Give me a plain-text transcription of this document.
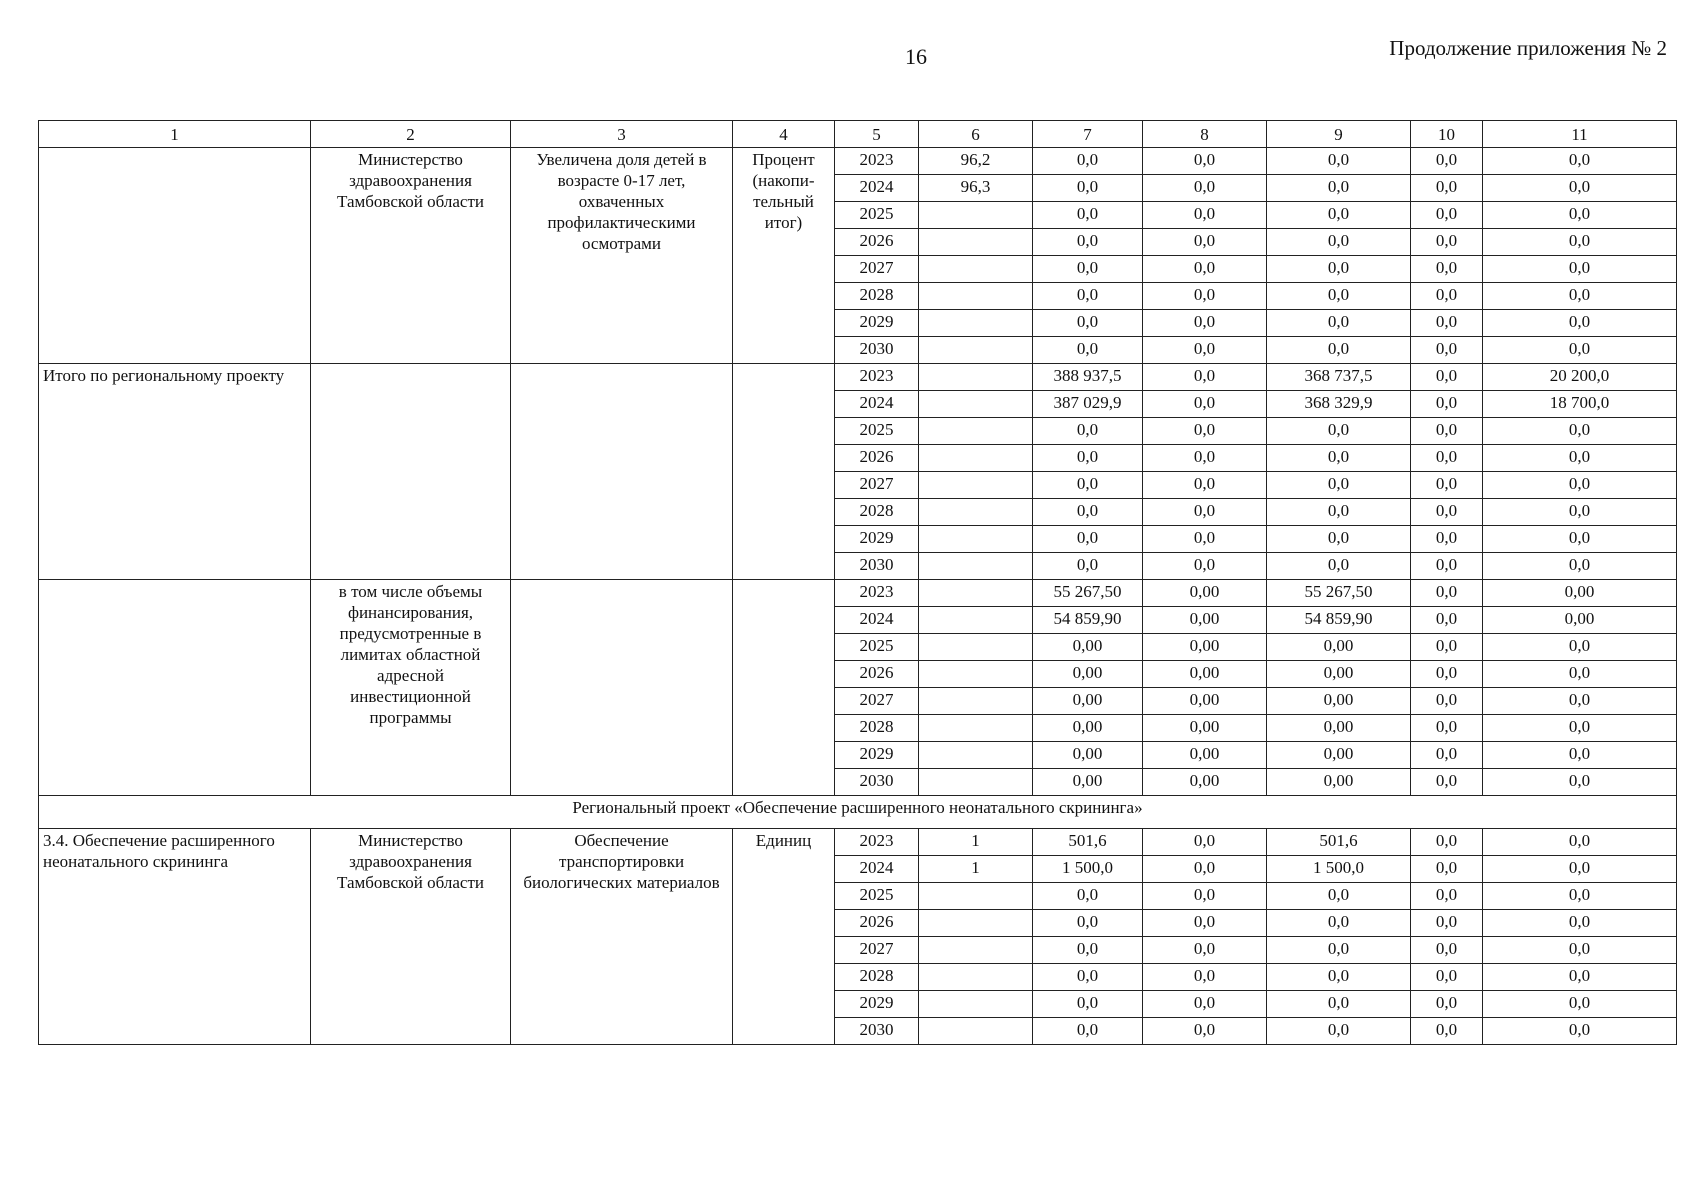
16	Продолжение приложения № 2
1	2	3	4	5	6	7	8	9	10	11
	Министерство здравоохранения Тамбовской области	Увеличена доля детей в возрасте 0-17 лет, охваченных профилактическими осмотрами	Процент (накопи-тельный итог)	2023	96,2	0,0	0,0	0,0	0,0	0,0
				2024	96,3	0,0	0,0	0,0	0,0	0,0
				2025		0,0	0,0	0,0	0,0	0,0
				2026		0,0	0,0	0,0	0,0	0,0
				2027		0,0	0,0	0,0	0,0	0,0
				2028		0,0	0,0	0,0	0,0	0,0
				2029		0,0	0,0	0,0	0,0	0,0
				2030		0,0	0,0	0,0	0,0	0,0
Итого по региональному проекту				2023		388 937,5	0,0	368 737,5	0,0	20 200,0
				2024		387 029,9	0,0	368 329,9	0,0	18 700,0
				2025		0,0	0,0	0,0	0,0	0,0
				2026		0,0	0,0	0,0	0,0	0,0
				2027		0,0	0,0	0,0	0,0	0,0
				2028		0,0	0,0	0,0	0,0	0,0
				2029		0,0	0,0	0,0	0,0	0,0
				2030		0,0	0,0	0,0	0,0	0,0
	в том числе объемы финансирования, предусмотренные в лимитах областной адресной инвестиционной программы			2023		55 267,50	0,00	55 267,50	0,0	0,00
				2024		54 859,90	0,00	54 859,90	0,0	0,00
				2025		0,00	0,00	0,00	0,0	0,0
				2026		0,00	0,00	0,00	0,0	0,0
				2027		0,00	0,00	0,00	0,0	0,0
				2028		0,00	0,00	0,00	0,0	0,0
				2029		0,00	0,00	0,00	0,0	0,0
				2030		0,00	0,00	0,00	0,0	0,0
Региональный проект «Обеспечение расширенного неонатального скрининга»										
3.4. Обеспечение расширенного неонатального скрининга	Министерство здравоохранения Тамбовской области	Обеспечение транспортировки биологических материалов	Единиц	2023	1	501,6	0,0	501,6	0,0	0,0
				2024	1	1 500,0	0,0	1 500,0	0,0	0,0
				2025		0,0	0,0	0,0	0,0	0,0
				2026		0,0	0,0	0,0	0,0	0,0
				2027		0,0	0,0	0,0	0,0	0,0
				2028		0,0	0,0	0,0	0,0	0,0
				2029		0,0	0,0	0,0	0,0	0,0
				2030		0,0	0,0	0,0	0,0	0,0
